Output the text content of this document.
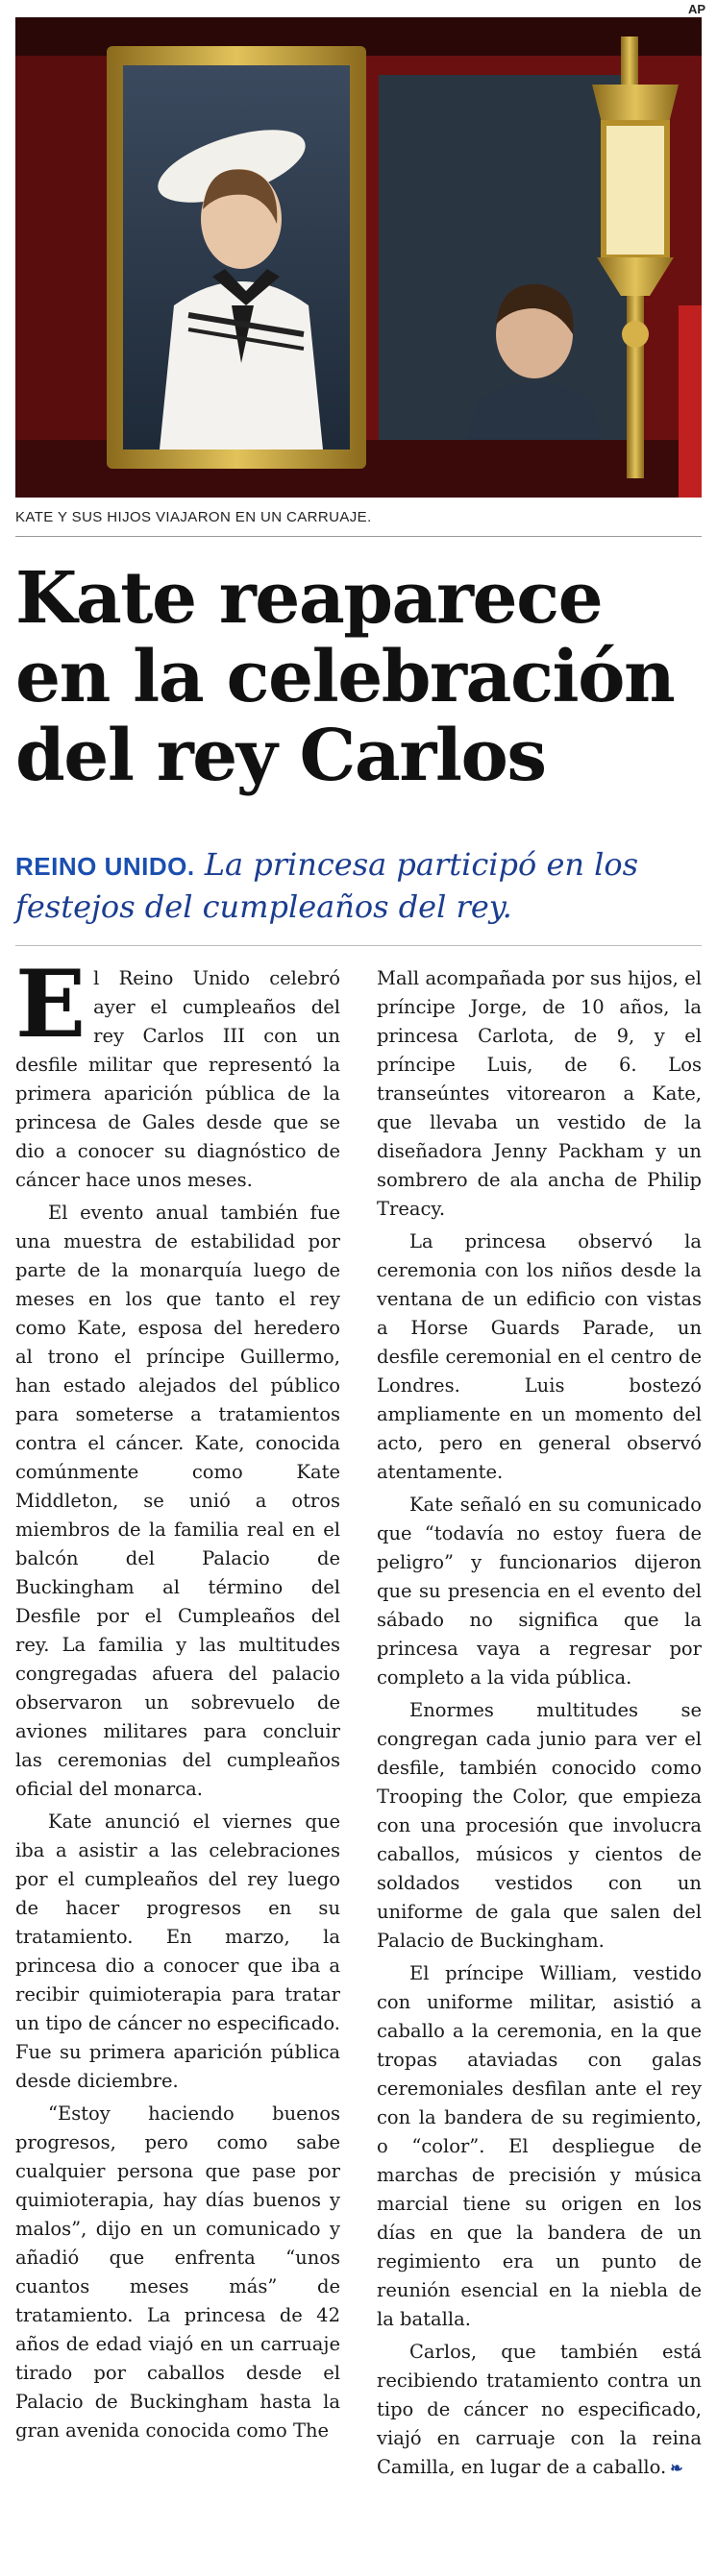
AP
KATE Y SUS HIJOS VIAJARON EN UN CARRUAJE.
Kate reaparece en la celebración del rey Carlos
REINO UNIDO. La princesa participó en los festejos del cumpleaños del rey.

El Reino Unido celebró ayer el cumpleaños del rey Carlos III con un desfile militar que representó la primera aparición pública de la princesa de Gales desde que se dio a conocer su diagnóstico de cáncer hace unos meses.

El evento anual también fue una muestra de estabilidad por parte de la monarquía luego de meses en los que tanto el rey como Kate, esposa del heredero al trono el príncipe Guillermo, han estado alejados del público para someterse a tratamientos contra el cáncer. Kate, conocida comúnmente como Kate Middleton, se unió a otros miembros de la familia real en el balcón del Palacio de Buckingham al término del Desfile por el Cumpleaños del rey. La familia y las multitudes congregadas afuera del palacio observaron un sobrevuelo de aviones militares para concluir las ceremonias del cumpleaños oficial del monarca.

Kate anunció el viernes que iba a asistir a las celebraciones por el cumpleaños del rey luego de hacer progresos en su tratamiento. En marzo, la princesa dio a conocer que iba a recibir quimioterapia para tratar un tipo de cáncer no especificado. Fue su primera aparición pública desde diciembre.

“Estoy haciendo buenos progresos, pero como sabe cualquier persona que pase por quimioterapia, hay días buenos y malos”, dijo en un comunicado y añadió que enfrenta “unos cuantos meses más” de tratamiento. La princesa de 42 años de edad viajó en un carruaje tirado por caballos desde el Palacio de Buckingham hasta la gran avenida conocida como The

Mall acompañada por sus hijos, el príncipe Jorge, de 10 años, la princesa Carlota, de 9, y el príncipe Luis, de 6. Los transeúntes vitorearon a Kate, que llevaba un vestido de la diseñadora Jenny Packham y un sombrero de ala ancha de Philip Treacy.

La princesa observó la ceremonia con los niños desde la ventana de un edificio con vistas a Horse Guards Parade, un desfile ceremonial en el centro de Londres. Luis bostezó ampliamente en un momento del acto, pero en general observó atentamente.

Kate señaló en su comunicado que “todavía no estoy fuera de peligro” y funcionarios dijeron que su presencia en el evento del sábado no significa que la princesa vaya a regresar por completo a la vida pública.

Enormes multitudes se congregan cada junio para ver el desfile, también conocido como Trooping the Color, que empieza con una procesión que involucra caballos, músicos y cientos de soldados vestidos con un uniforme de gala que salen del Palacio de Buckingham.

El príncipe William, vestido con uniforme militar, asistió a caballo a la ceremonia, en la que tropas ataviadas con galas ceremoniales desfilan ante el rey con la bandera de su regimiento, o “color”. El despliegue de marchas de precisión y música marcial tiene su origen en los días en que la bandera de un regimiento era un punto de reunión esencial en la niebla de la batalla.

Carlos, que también está recibiendo tratamiento contra un tipo de cáncer no especificado, viajó en carruaje con la reina Camilla, en lugar de a caballo. ❧
